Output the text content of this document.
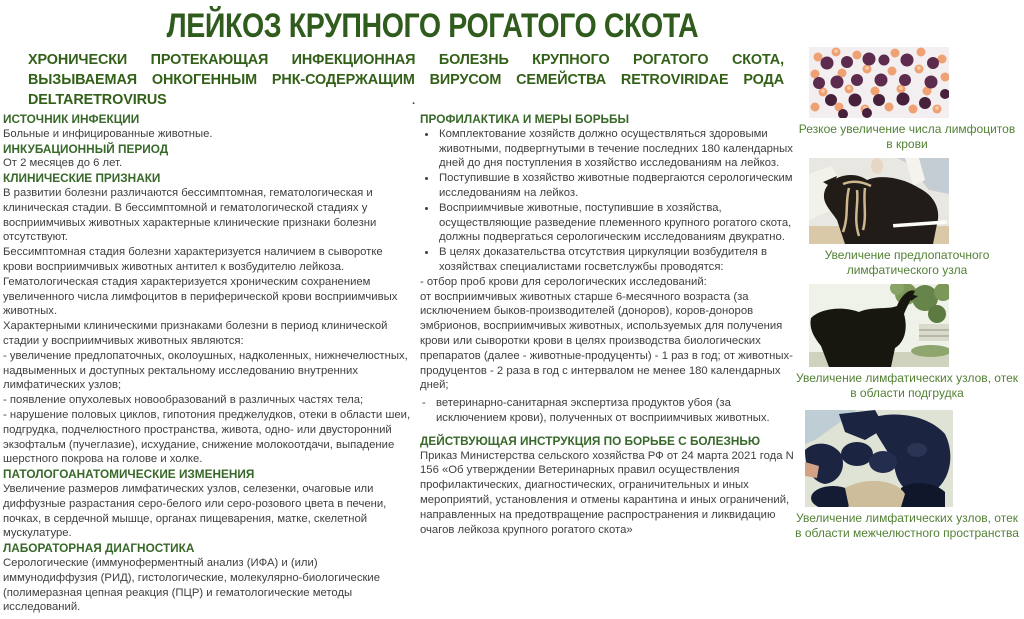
ЛЕЙКОЗ КРУПНОГО РОГАТОГО СКОТА
ХРОНИЧЕСКИ ПРОТЕКАЮЩАЯ ИНФЕКЦИОННАЯ БОЛЕЗНЬ КРУПНОГО РОГАТОГО СКОТА,
ВЫЗЫВАЕМАЯ ОНКОГЕННЫМ РНК-СОДЕРЖАЩИМ ВИРУСОМ СЕМЕЙСТВА RETROVIRIDAE РОДА
DELTARETROVIRUS	.
ИСТОЧНИК ИНФЕКЦИИ

Больные и инфицированные животные.

ИНКУБАЦИОННЫЙ ПЕРИОД

От 2 месяцев до 6 лет.

КЛИНИЧЕСКИЕ ПРИЗНАКИ

В развитии болезни различаются бессимптомная, гематологическая и клиническая стадии. В бессимптомной и гематологической стадиях у восприимчивых животных характерные клинические признаки болезни отсутствуют.

Бессимптомная стадия болезни характеризуется наличием в сыворотке крови восприимчивых животных антител к возбудителю лейкоза.

Гематологическая стадия характеризуется хроническим сохранением увеличенного числа лимфоцитов в периферической крови восприимчивых животных.

Характерными клиническими признаками болезни в период клинической стадии у восприимчивых животных являются:

- увеличение предлопаточных, околоушных, надколенных, нижнечелюстных, надвыменных и доступных ректальному исследованию внутренних лимфатических узлов;

- появление опухолевых новообразований в различных частях тела;

- нарушение половых циклов, гипотония преджелудков, отеки в области шеи, подгрудка, подчелюстного пространства, живота, одно- или двусторонний экзофтальм (пучеглазие), исхудание, снижение молокоотдачи, выпадение шерстного покрова на голове и холке.

ПАТОЛОГОАНАТОМИЧЕСКИЕ ИЗМЕНЕНИЯ

Увеличение размеров лимфатических узлов, селезенки, очаговые или диффузные разрастания серо-белого или серо-розового цвета в печени, почках, в сердечной мышце, органах пищеварения, матке, скелетной мускулатуре.

ЛАБОРАТОРНАЯ ДИАГНОСТИКА

Серологические (иммуноферментный анализ (ИФА) и (или) иммунодиффузия (РИД), гистологические, молекулярно-биологические (полимеразная цепная реакция (ПЦР) и гематологические методы исследований.

ПРОФИЛАКТИКА И МЕРЫ БОРЬБЫ
• Комплектование хозяйств должно осуществляться здоровыми животными, подвергнутыми в течение последних 180 календарных дней до дня поступления в хозяйство исследованиям на лейкоз.
• Поступившие в хозяйство животные подвергаются серологическим исследованиям на лейкоз.
• Восприимчивые животные, поступившие в хозяйства, осуществляющие разведение племенного крупного рогатого скота, должны подвергаться серологическим исследованиям двукратно.
• В целях доказательства отсутствия циркуляции возбудителя в хозяйствах специалистами госветслужбы проводятся:

- отбор проб крови для серологических исследований:

от восприимчивых животных старше 6-месячного возраста (за исключением быков-производителей (доноров), коров-доноров эмбрионов, восприимчивых животных, используемых для получения крови или сыворотки крови в целях производства биологических препаратов (далее - животные-продуценты) - 1 раз в год; от животных-продуцентов - 2 раза в год с интервалом не менее 180 календарных дней;

- ветеринарно-санитарная экспертиза продуктов убоя (за исключением крови), полученных от восприимчивых животных.
ДЕЙСТВУЮЩАЯ ИНСТРУКЦИЯ ПО БОРЬБЕ С БОЛЕЗНЬЮ

Приказ Министерства сельского хозяйства РФ от 24 марта 2021 года N 156 «Об утверждении Ветеринарных правил осуществления профилактических, диагностических, ограничительных и иных мероприятий, установления и отмены карантина и иных ограничений, направленных на предотвращение распространения и ликвидацию очагов лейкоза крупного рогатого скота»

Резкое увеличение числа лимфоцитов в крови
Увеличение предлопаточного лимфатического узла
Увеличение лимфатических узлов, отек в области подгрудка
Увеличение лимфатических узлов, отек в области межчелюстного пространства
